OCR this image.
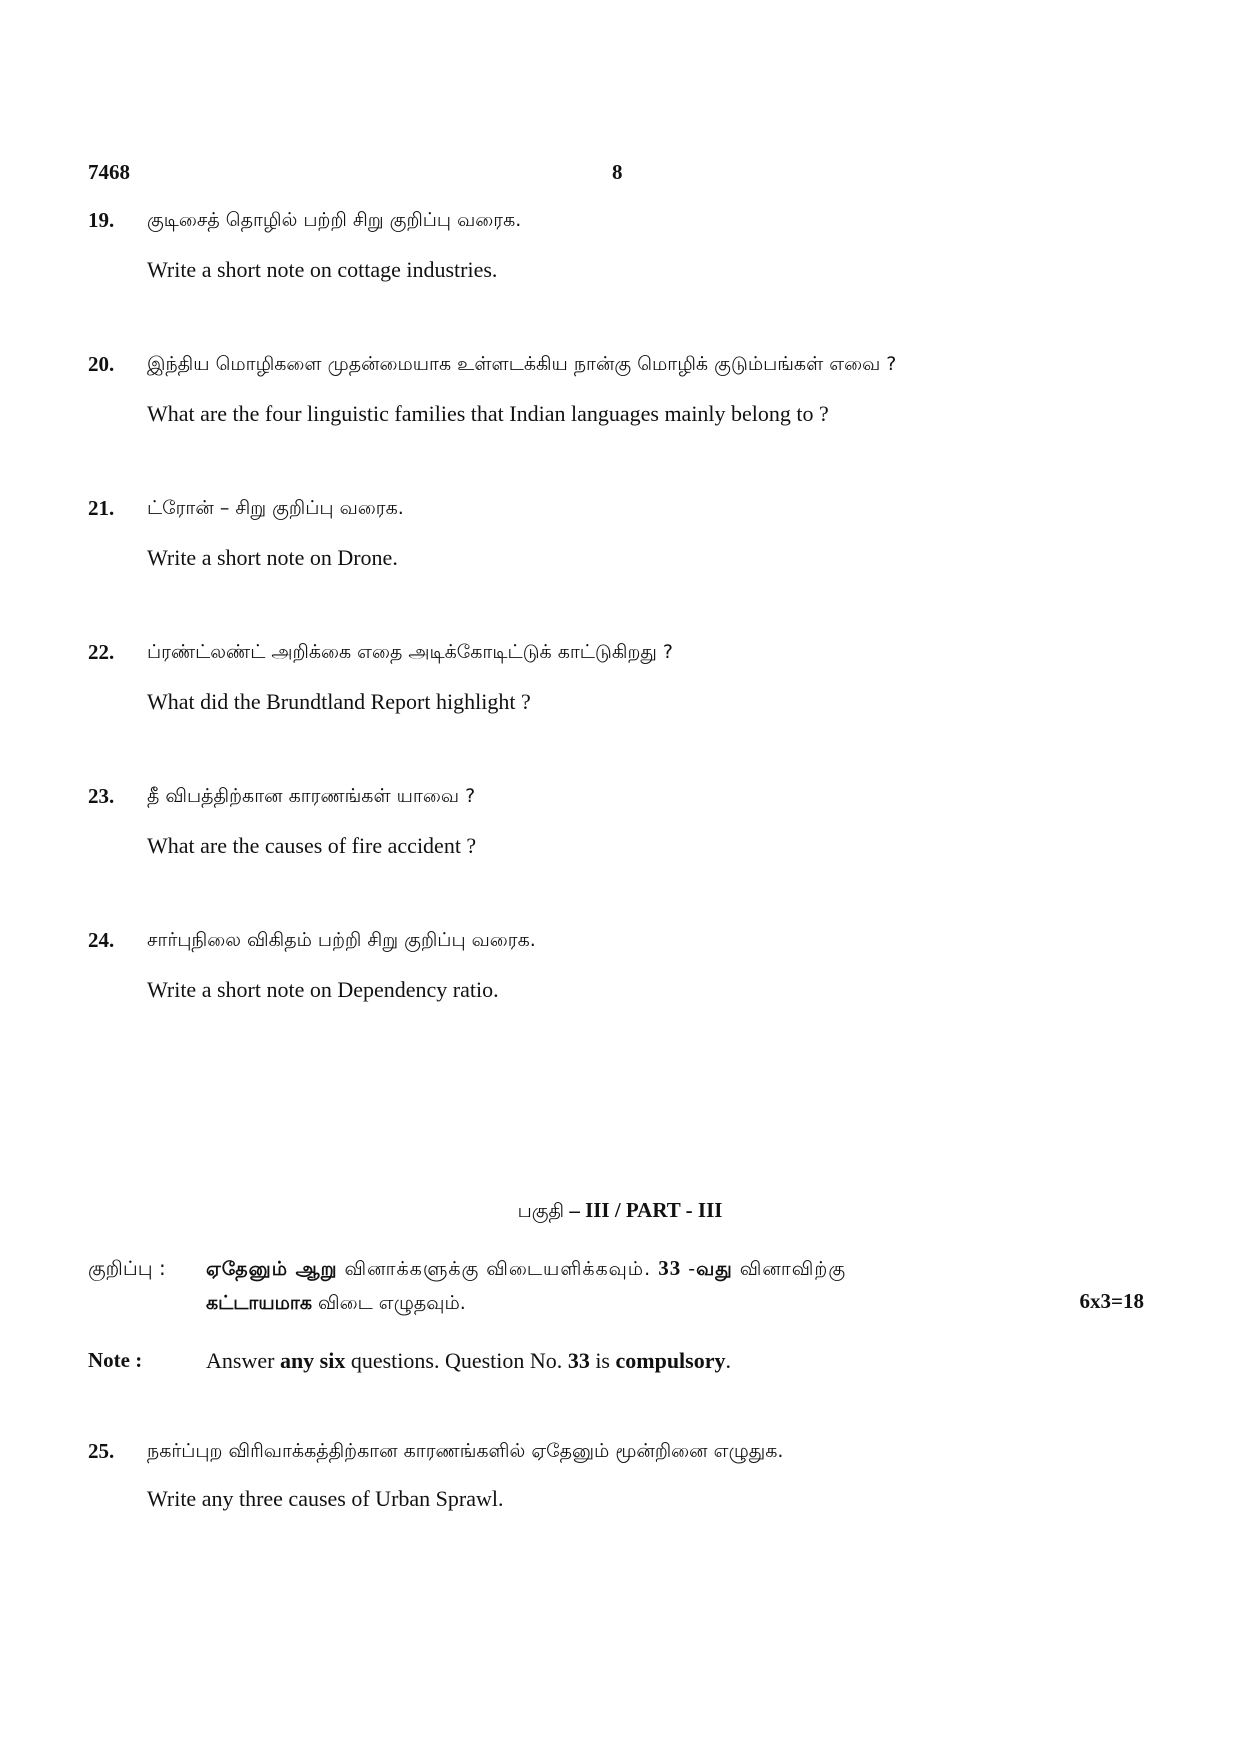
7468	8
19. குடிசைத் தொழில் பற்றி சிறு குறிப்பு வரைக.
Write a short note on cottage industries.
20. இந்திய மொழிகளை முதன்மையாக உள்ளடக்கிய நான்கு மொழிக் குடும்பங்கள் எவை ?
What are the four linguistic families that Indian languages mainly belong to ?
21. ட்ரோன் – சிறு குறிப்பு வரைக.
Write a short note on Drone.
22. ப்ரண்ட்லண்ட் அறிக்கை எதை அடிக்கோடிட்டுக் காட்டுகிறது ?
What did the Brundtland Report highlight ?
23. தீ விபத்திற்கான காரணங்கள் யாவை ?
What are the causes of fire accident ?
24. சார்புநிலை விகிதம் பற்றி சிறு குறிப்பு வரைக.
Write a short note on Dependency ratio.
பகுதி – III / PART - III
குறிப்பு : ஏதேனும் ஆறு வினாக்களுக்கு விடையளிக்கவும். 33 -வது வினாவிற்கு
கட்டாயமாக விடை எழுதவும்.	6x3=18
Note :	Answer any six questions. Question No. 33 is compulsory.
25. நகர்ப்புற விரிவாக்கத்திற்கான காரணங்களில் ஏதேனும் மூன்றினை எழுதுக.
Write any three causes of Urban Sprawl.
